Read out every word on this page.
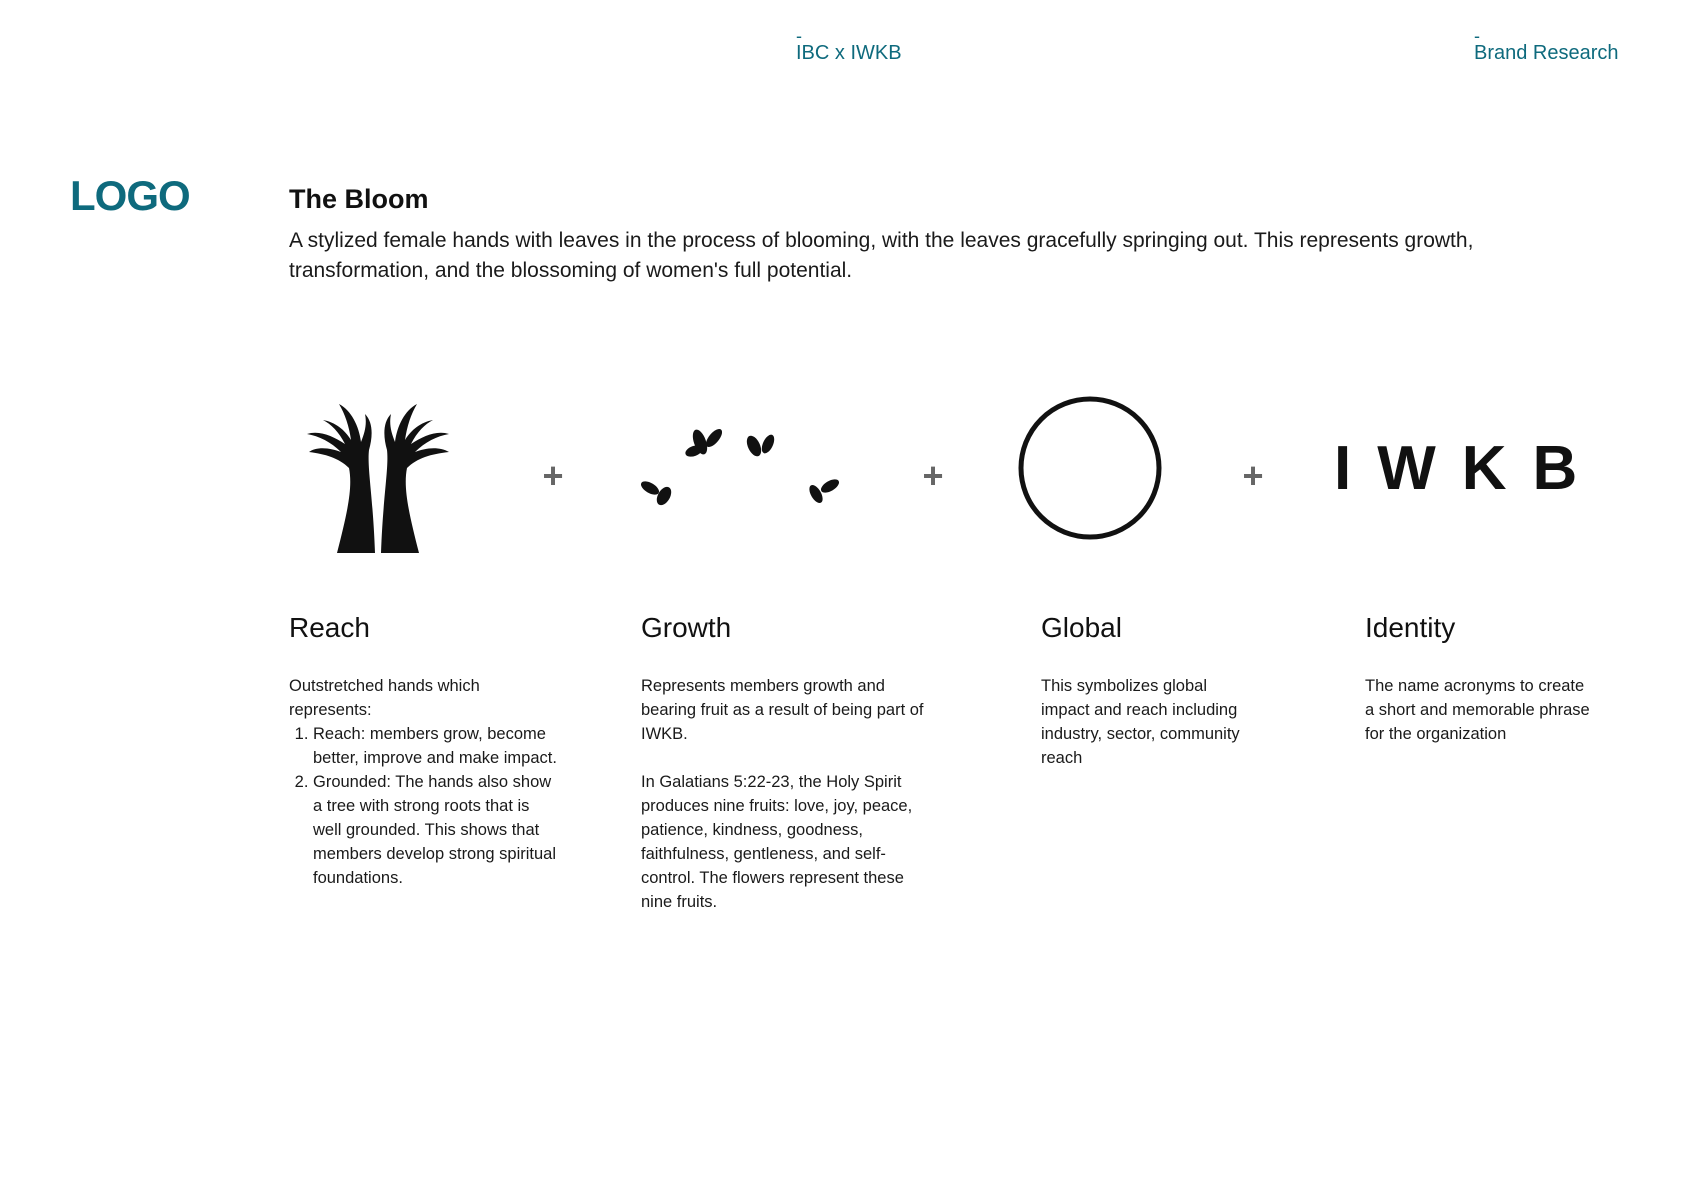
-
IBC x IWKB
-
Brand Research
LOGO	The Bloom

A stylized female hands with leaves in the process of blooming, with the leaves gracefully springing out. This represents growth, transformation, and the blossoming of women's full potential.

+	+	+ IWKB
Reach

Outstretched hands which represents:

1. Reach: members grow, become better, improve and make impact.
2. Grounded: The hands also show a tree with strong roots that is well grounded. This shows that members develop strong spiritual foundations.
Growth

Represents members growth and bearing fruit as a result of being part of IWKB.

In Galatians 5:22-23, the Holy Spirit produces nine fruits: love, joy, peace, patience, kindness, goodness, faithfulness, gentleness, and self-control. The flowers represent these nine fruits.

Global

This symbolizes global impact and reach including industry, sector, community reach

Identity

The name acronyms to create a short and memorable phrase for the organization
